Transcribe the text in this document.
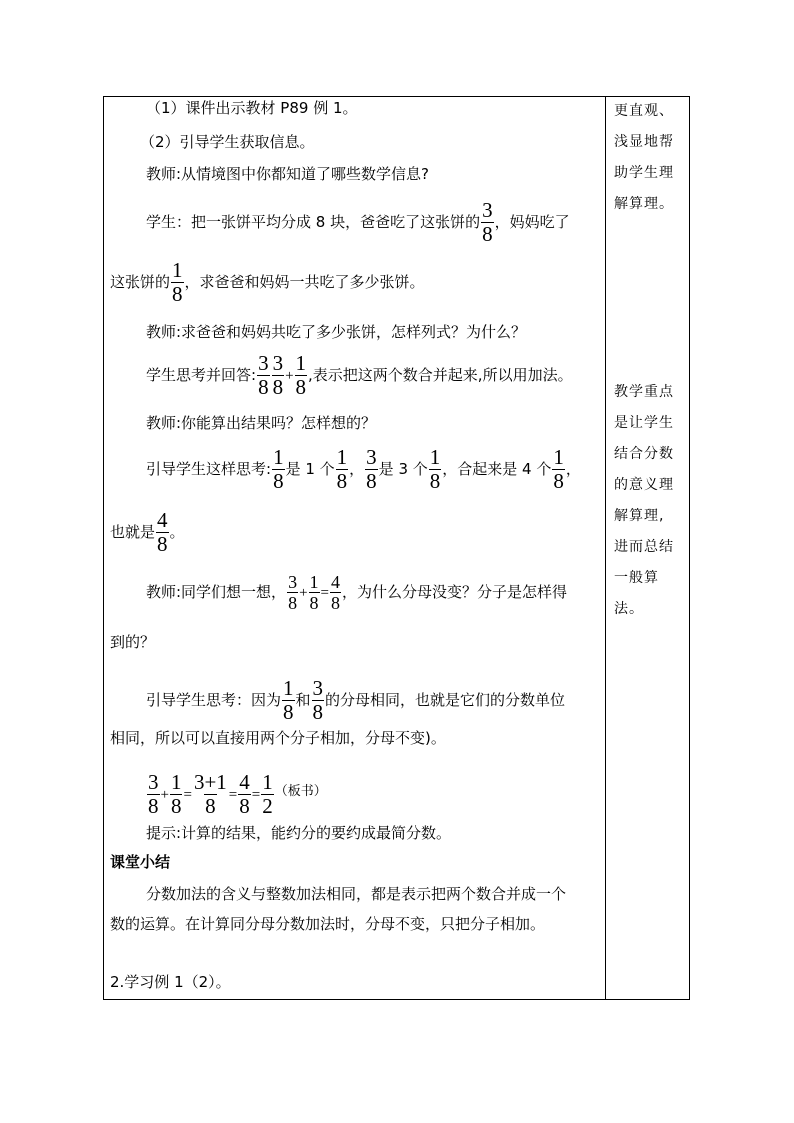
（1）课件出示教材 P89 例 1。
（2）引导学生获取信息。
教师:从情境图中你都知道了哪些数学信息?
学生：把一张饼平均分成 8 块，爸爸吃了这张饼的 $\frac{3}{8}$ ，妈妈吃了
这张饼的 $\frac{1}{8}$ ，求爸爸和妈妈一共吃了多少张饼。
教师:求爸爸和妈妈共吃了多少张饼，怎样列式？为什么？
学生思考并回答: $\frac{3}{8} \frac{3}{8} + \frac{1}{8}$ ,表示把这两个数合并起来,所以用加法。
教师:你能算出结果吗？怎样想的？
引导学生这样思考: $\frac{1}{8}$ 是 1 个 $\frac{1}{8}$ ， $\frac{3}{8}$ 是 3 个 $\frac{1}{8}$ ，合起来是 4 个 $\frac{1}{8}$ ，
也就是 $\frac{4}{8}$ 。
教师:同学们想一想， $\frac{3}{8} + \frac{1}{8} = \frac{4}{8}$ ，为什么分母没变？分子是怎样得
到的？
引导学生思考：因为 $\frac{1}{8}$ 和 $\frac{3}{8}$ 的分母相同，也就是它们的分数单位
相同，所以可以直接用两个分子相加，分母不变)。
$\frac{3}{8} + \frac{1}{8} = \frac{3+1}{8} = \frac{4}{8} = \frac{1}{2}$ （板书）
提示:计算的结果，能约分的要约成最简分数。
课堂小结
分数加法的含义与整数加法相同，都是表示把两个数合并成一个
数的运算。在计算同分母分数加法时，分母不变，只把分子相加。
2.学习例 1（2）。
更直观、
浅显地帮
助学生理
解算理。
教学重点
是让学生
结合分数
的意义理
解算理,
进而总结
一般算法。
